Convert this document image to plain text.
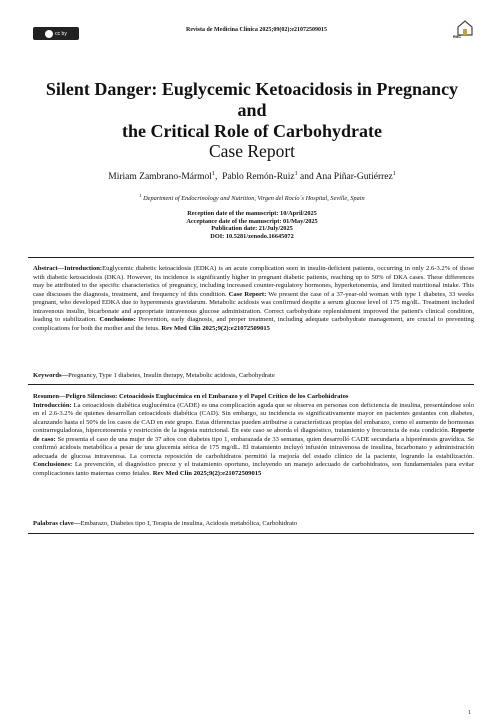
cc by
Revista de Medicina Clínica 2025;09(02):e21072509015
RMC
Silent Danger: Euglycemic Ketoacidosis in Pregnancy and
the Critical Role of Carbohydrate
Case Report
Miriam Zambrano-Mármol$^1$,  Pablo Remón-Ruiz$^1$ and Ana Piñar-Gutiérrez$^1$
$^1$ Department of Endocrinology and Nutrition, Virgen del Rocío´s Hospital, Seville, Spain
Reception date of the manuscript: 10/April/2025
Acceptance date of the manuscript: 01/May/2025
Publication date: 21/July/2025
DOI: 10.5281/zenodo.16645072
Abstract—Introduction:Euglycemic diabetic ketoacidosis (EDKA) is an acute complication seen in insulin-deficient patients, occurring in only 2.6-3.2% of those with diabetic ketoacidosis (DKA). However, its incidence is significantly higher in pregnant diabetic patients, reaching up to 50% of DKA cases. These differences may be attributed to the specific characteristics of pregnancy, including increased counter-regulatory hormones, hyperketonemia, and limited nutritional intake. This case discusses the diagnosis, treatment, and frequency of this condition. Case Report: We present the case of a 37-year-old woman with type 1 diabetes, 33 weeks pregnant, who developed EDKA due to hyperemesis gravidarum. Metabolic acidosis was confirmed despite a serum glucose level of 175 mg/dL. Treatment included intravenous insulin, bicarbonate and appropriate intravenous glucose administration. Correct carbohydrate replenishment improved the patient's clinical condition, leading to stabilization. Conclusions: Prevention, early diagnosis, and proper treatment, including adequate carbohydrate management, are crucial to preventing complications for both the mother and the fetus. Rev Med Clin 2025;9(2):e21072509015
Keywords—Pregnancy, Type 1 diabetes, Insulin therapy, Metabolic acidosis, Carbohydrate
Resumen—Peligro Silencioso: Cetoacidosis Euglucémica en el Embarazo y el Papel Crítico de los Carbohidratos
Introducción: La cetoacidosis diabética euglucémica (CADE) es una complicación aguda que se observa en personas con deficiencia de insulina, presentándose solo en el 2.6-3.2% de quienes desarrollan cetoacidosis diabética (CAD). Sin embargo, su incidencia es significativamente mayor en pacientes gestantes con diabetes, alcanzando hasta el 50% de los casos de CAD en este grupo. Estas diferencias pueden atribuirse a características propias del embarazo, como el aumento de hormonas contrarreguladoras, hipercetonemia y restricción de la ingesta nutricional. En este caso se aborda el diagnóstico, tratamiento y frecuencia de esta condición. Reporte de caso: Se presenta el caso de una mujer de 37 años con diabetes tipo 1, embarazada de 33 semanas, quien desarrolló CADE secundaria a hiperémesis gravídica. Se confirmó acidosis metabólica a pesar de una glucemia sérica de 175 mg/dL. El tratamiento incluyó infusión intravenosa de insulina, bicarbonato y administración adecuada de glucosa intravenosa. La correcta reposición de carbohidratos permitió la mejoría del estado clínico de la paciente, logrando la estabilización. Conclusiones: La prevención, el diagnóstico precoz y el tratamiento oportuno, incluyendo un manejo adecuado de carbohidratos, son fundamentales para evitar complicaciones tanto maternas como fetales. Rev Med Clin 2025;9(2):e21072509015
Palabras clave—Embarazo, Diabetes tipo I, Terapia de insulina, Acidosis metabólica, Carbohidrato
1
